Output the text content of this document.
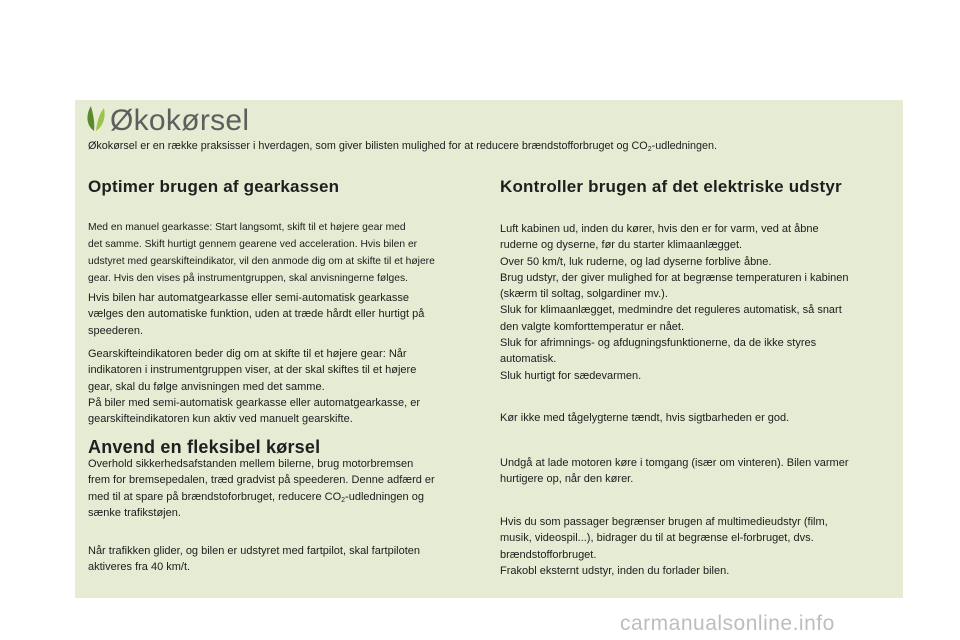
Økokørsel
Økokørsel er en række praksisser i hverdagen, som giver bilisten mulighed for at reducere brændstofforbruget og $CO_2$-udledningen.
Optimer brugen af gearkassen

Med en manuel gearkasse: Start langsomt, skift til et højere gear med
det samme. Skift hurtigt gennem gearene ved acceleration. Hvis bilen er
udstyret med gearskifteindikator, vil den anmode dig om at skifte til et højere
gear. Hvis den vises på instrumentgruppen, skal anvisningerne følges.

Hvis bilen har automatgearkasse eller semi-automatisk gearkasse
vælges den automatiske funktion, uden at træde hårdt eller hurtigt på
speederen.

Gearskifteindikatoren beder dig om at skifte til et højere gear: Når
indikatoren i instrumentgruppen viser, at der skal skiftes til et højere
gear, skal du følge anvisningen med det samme.
På biler med semi-automatisk gearkasse eller automatgearkasse, er
gearskifteindikatoren kun aktiv ved manuelt gearskifte.

Anvend en fleksibel kørsel

Overhold sikkerhedsafstanden mellem bilerne, brug motorbremsen
frem for bremsepedalen, træd gradvist på speederen. Denne adfærd er
med til at spare på brændstoforbruget, reducere $CO_2$-udledningen og
sænke trafikstøjen.

Når trafikken glider, og bilen er udstyret med fartpilot, skal fartpiloten
aktiveres fra 40 km/t.

Kontroller brugen af det elektriske udstyr

Luft kabinen ud, inden du kører, hvis den er for varm, ved at åbne
ruderne og dyserne, før du starter klimaanlægget.
Over 50 km/t, luk ruderne, og lad dyserne forblive åbne.
Brug udstyr, der giver mulighed for at begrænse temperaturen i kabinen
(skærm til soltag, solgardiner mv.).
Sluk for klimaanlægget, medmindre det reguleres automatisk, så snart
den valgte komforttemperatur er nået.
Sluk for afrimnings- og afdugningsfunktionerne, da de ikke styres
automatisk.
Sluk hurtigt for sædevarmen.

Kør ikke med tågelygterne tændt, hvis sigtbarheden er god.

Undgå at lade motoren køre i tomgang (især om vinteren). Bilen varmer
hurtigere op, når den kører.

Hvis du som passager begrænser brugen af multimedieudstyr (film,
musik, videospil...), bidrager du til at begrænse el-forbruget, dvs.
brændstofforbruget.
Frakobl eksternt udstyr, inden du forlader bilen.

carmanualsonline.info
